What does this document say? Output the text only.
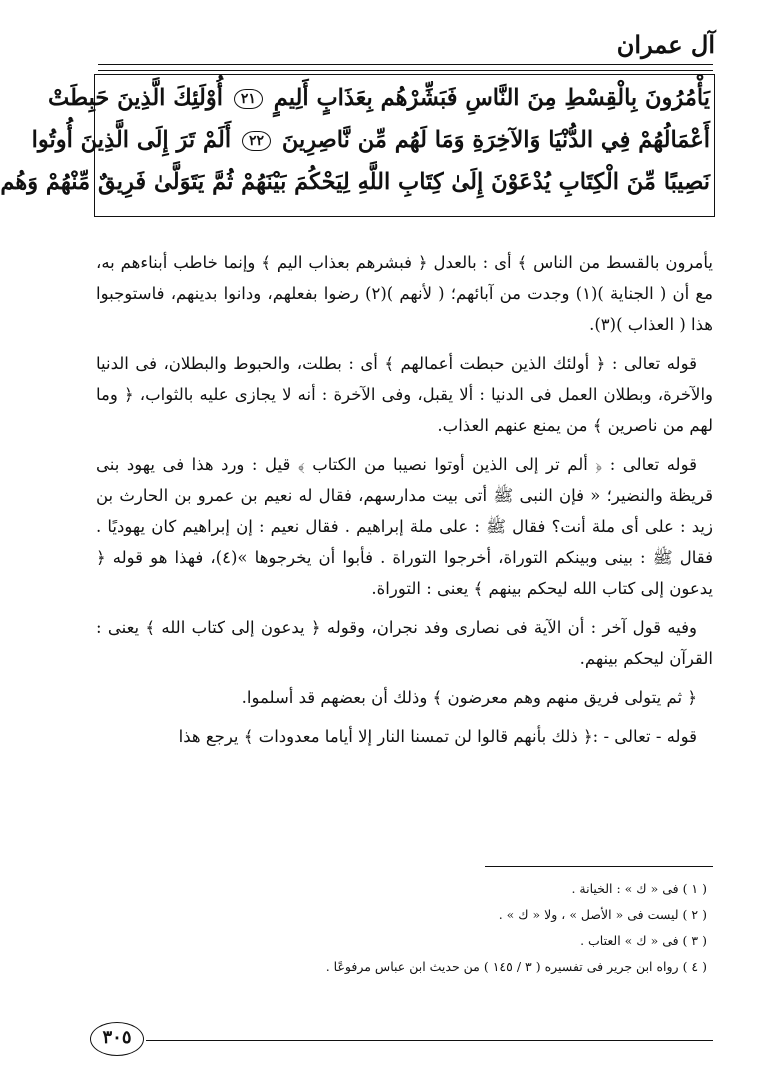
آل عمران
يَأْمُرُونَ بِالْقِسْطِ مِنَ النَّاسِ فَبَشِّرْهُم بِعَذَابٍ أَلِيمٍ ٢١ أُوْلَئِكَ الَّذِينَ حَبِطَتْ
أَعْمَالُهُمْ فِي الدُّنْيَا وَالآخِرَةِ وَمَا لَهُم مِّن نَّاصِرِينَ ٢٢ أَلَمْ تَرَ إِلَى الَّذِينَ أُوتُوا
نَصِيبًا مِّنَ الْكِتَابِ يُدْعَوْنَ إِلَىٰ كِتَابِ اللَّهِ لِيَحْكُمَ بَيْنَهُمْ ثُمَّ يَتَوَلَّىٰ فَرِيقٌ مِّنْهُمْ وَهُم

يأمرون بالقسط من الناس ﴾ أى : بالعدل ﴿ فبشرهم بعذاب اليم ﴾ وإنما خاطب أبناءهم به، مع أن ( الجناية )(١) وجدت من آبائهم؛ ( لأنهم )(٢) رضوا بفعلهم، ودانوا بدينهم، فاستوجبوا هذا ( العذاب )(٣).

قوله تعالى : ﴿ أولئك الذين حبطت أعمالهم ﴾ أى : بطلت، والحبوط والبطلان، فى الدنيا والآخرة، وبطلان العمل فى الدنيا : ألا يقبل، وفى الآخرة : أنه لا يجازى عليه بالثواب، ﴿ وما لهم من ناصرين ﴾ من يمنع عنهم العذاب.

قوله تعالى : ﴿ ألم تر إلى الذين أوتوا نصيبا من الكتاب ﴾ قيل : ورد هذا فى يهود بنى قريظة والنضير؛ « فإن النبى ﷺ أتى بيت مدارسهم، فقال له نعيم بن عمرو بن الحارث بن زيد : على أى ملة أنت؟ فقال ﷺ : على ملة إبراهيم . فقال نعيم : إن إبراهيم كان يهوديًا . فقال ﷺ : بينى وبينكم التوراة، أخرجوا التوراة . فأبوا أن يخرجوها »(٤)، فهذا هو قوله ﴿ يدعون إلى كتاب الله ليحكم بينهم ﴾ يعنى : التوراة.

وفيه قول آخر : أن الآية فى نصارى وفد نجران، وقوله ﴿ يدعون إلى كتاب الله ﴾ يعنى : القرآن ليحكم بينهم.

﴿ ثم يتولى فريق منهم وهم معرضون ﴾ وذلك أن بعضهم قد أسلموا.

قوله - تعالى - :﴿ ذلك بأنهم قالوا لن تمسنا النار إلا أياما معدودات ﴾ يرجع هذا

( ١ ) فى « ك » : الخيانة .
( ٢ ) ليست فى « الأصل » ، ولا « ك » .
( ٣ ) فى « ك » العتاب .
( ٤ ) رواه ابن جرير فى تفسيره ( ٣ / ١٤٥ ) من حديث ابن عباس مرفوعًا .
٣٠٥
